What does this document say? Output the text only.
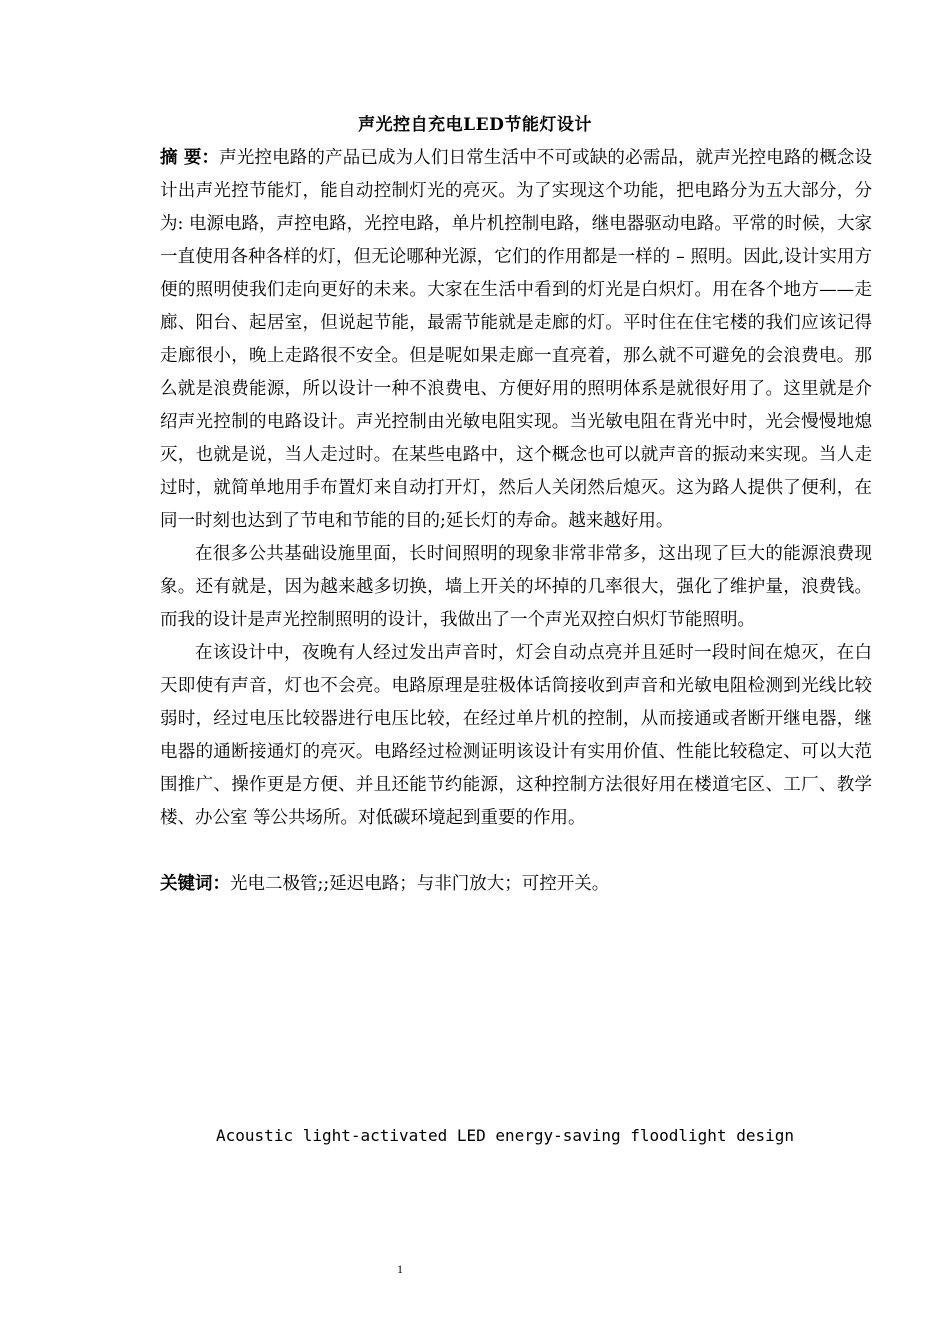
声光控自充电LED节能灯设计

摘 要：声光控电路的产品已成为人们日常生活中不可或缺的必需品，就声光控电路的概念设计出声光控节能灯，能自动控制灯光的亮灭。为了实现这个功能，把电路分为五大部分，分为: 电源电路，声控电路，光控电路，单片机控制电路，继电器驱动电路。平常的时候，大家一直使用各种各样的灯，但无论哪种光源，它们的作用都是一样的 – 照明。因此,设计实用方便的照明使我们走向更好的未来。大家在生活中看到的灯光是白炽灯。用在各个地方——走廊、阳台、起居室，但说起节能，最需节能就是走廊的灯。平时住在住宅楼的我们应该记得走廊很小，晚上走路很不安全。但是呢如果走廊一直亮着，那么就不可避免的会浪费电。那么就是浪费能源，所以设计一种不浪费电、方便好用的照明体系是就很好用了。这里就是介绍声光控制的电路设计。声光控制由光敏电阻实现。当光敏电阻在背光中时，光会慢慢地熄灭，也就是说，当人走过时。在某些电路中，这个概念也可以就声音的振动来实现。当人走过时，就简单地用手布置灯来自动打开灯，然后人关闭然后熄灭。这为路人提供了便利，在同一时刻也达到了节电和节能的目的;延长灯的寿命。越来越好用。

在很多公共基础设施里面，长时间照明的现象非常非常多，这出现了巨大的能源浪费现象。还有就是，因为越来越多切换，墙上开关的坏掉的几率很大，强化了维护量，浪费钱。而我的设计是声光控制照明的设计，我做出了一个声光双控白炽灯节能照明。

在该设计中，夜晚有人经过发出声音时，灯会自动点亮并且延时一段时间在熄灭，在白天即使有声音，灯也不会亮。电路原理是驻极体话筒接收到声音和光敏电阻检测到光线比较弱时，经过电压比较器进行电压比较，在经过单片机的控制，从而接通或者断开继电器，继电器的通断接通灯的亮灭。电路经过检测证明该设计有实用价值、性能比较稳定、可以大范围推广、操作更是方便、并且还能节约能源，这种控制方法很好用在楼道宅区、工厂、教学楼、办公室 等公共场所。对低碳环境起到重要的作用。

关键词：光电二极管;;延迟电路；与非门放大；可控开关。

Acoustic light-activated LED energy-saving floodlight design
1
